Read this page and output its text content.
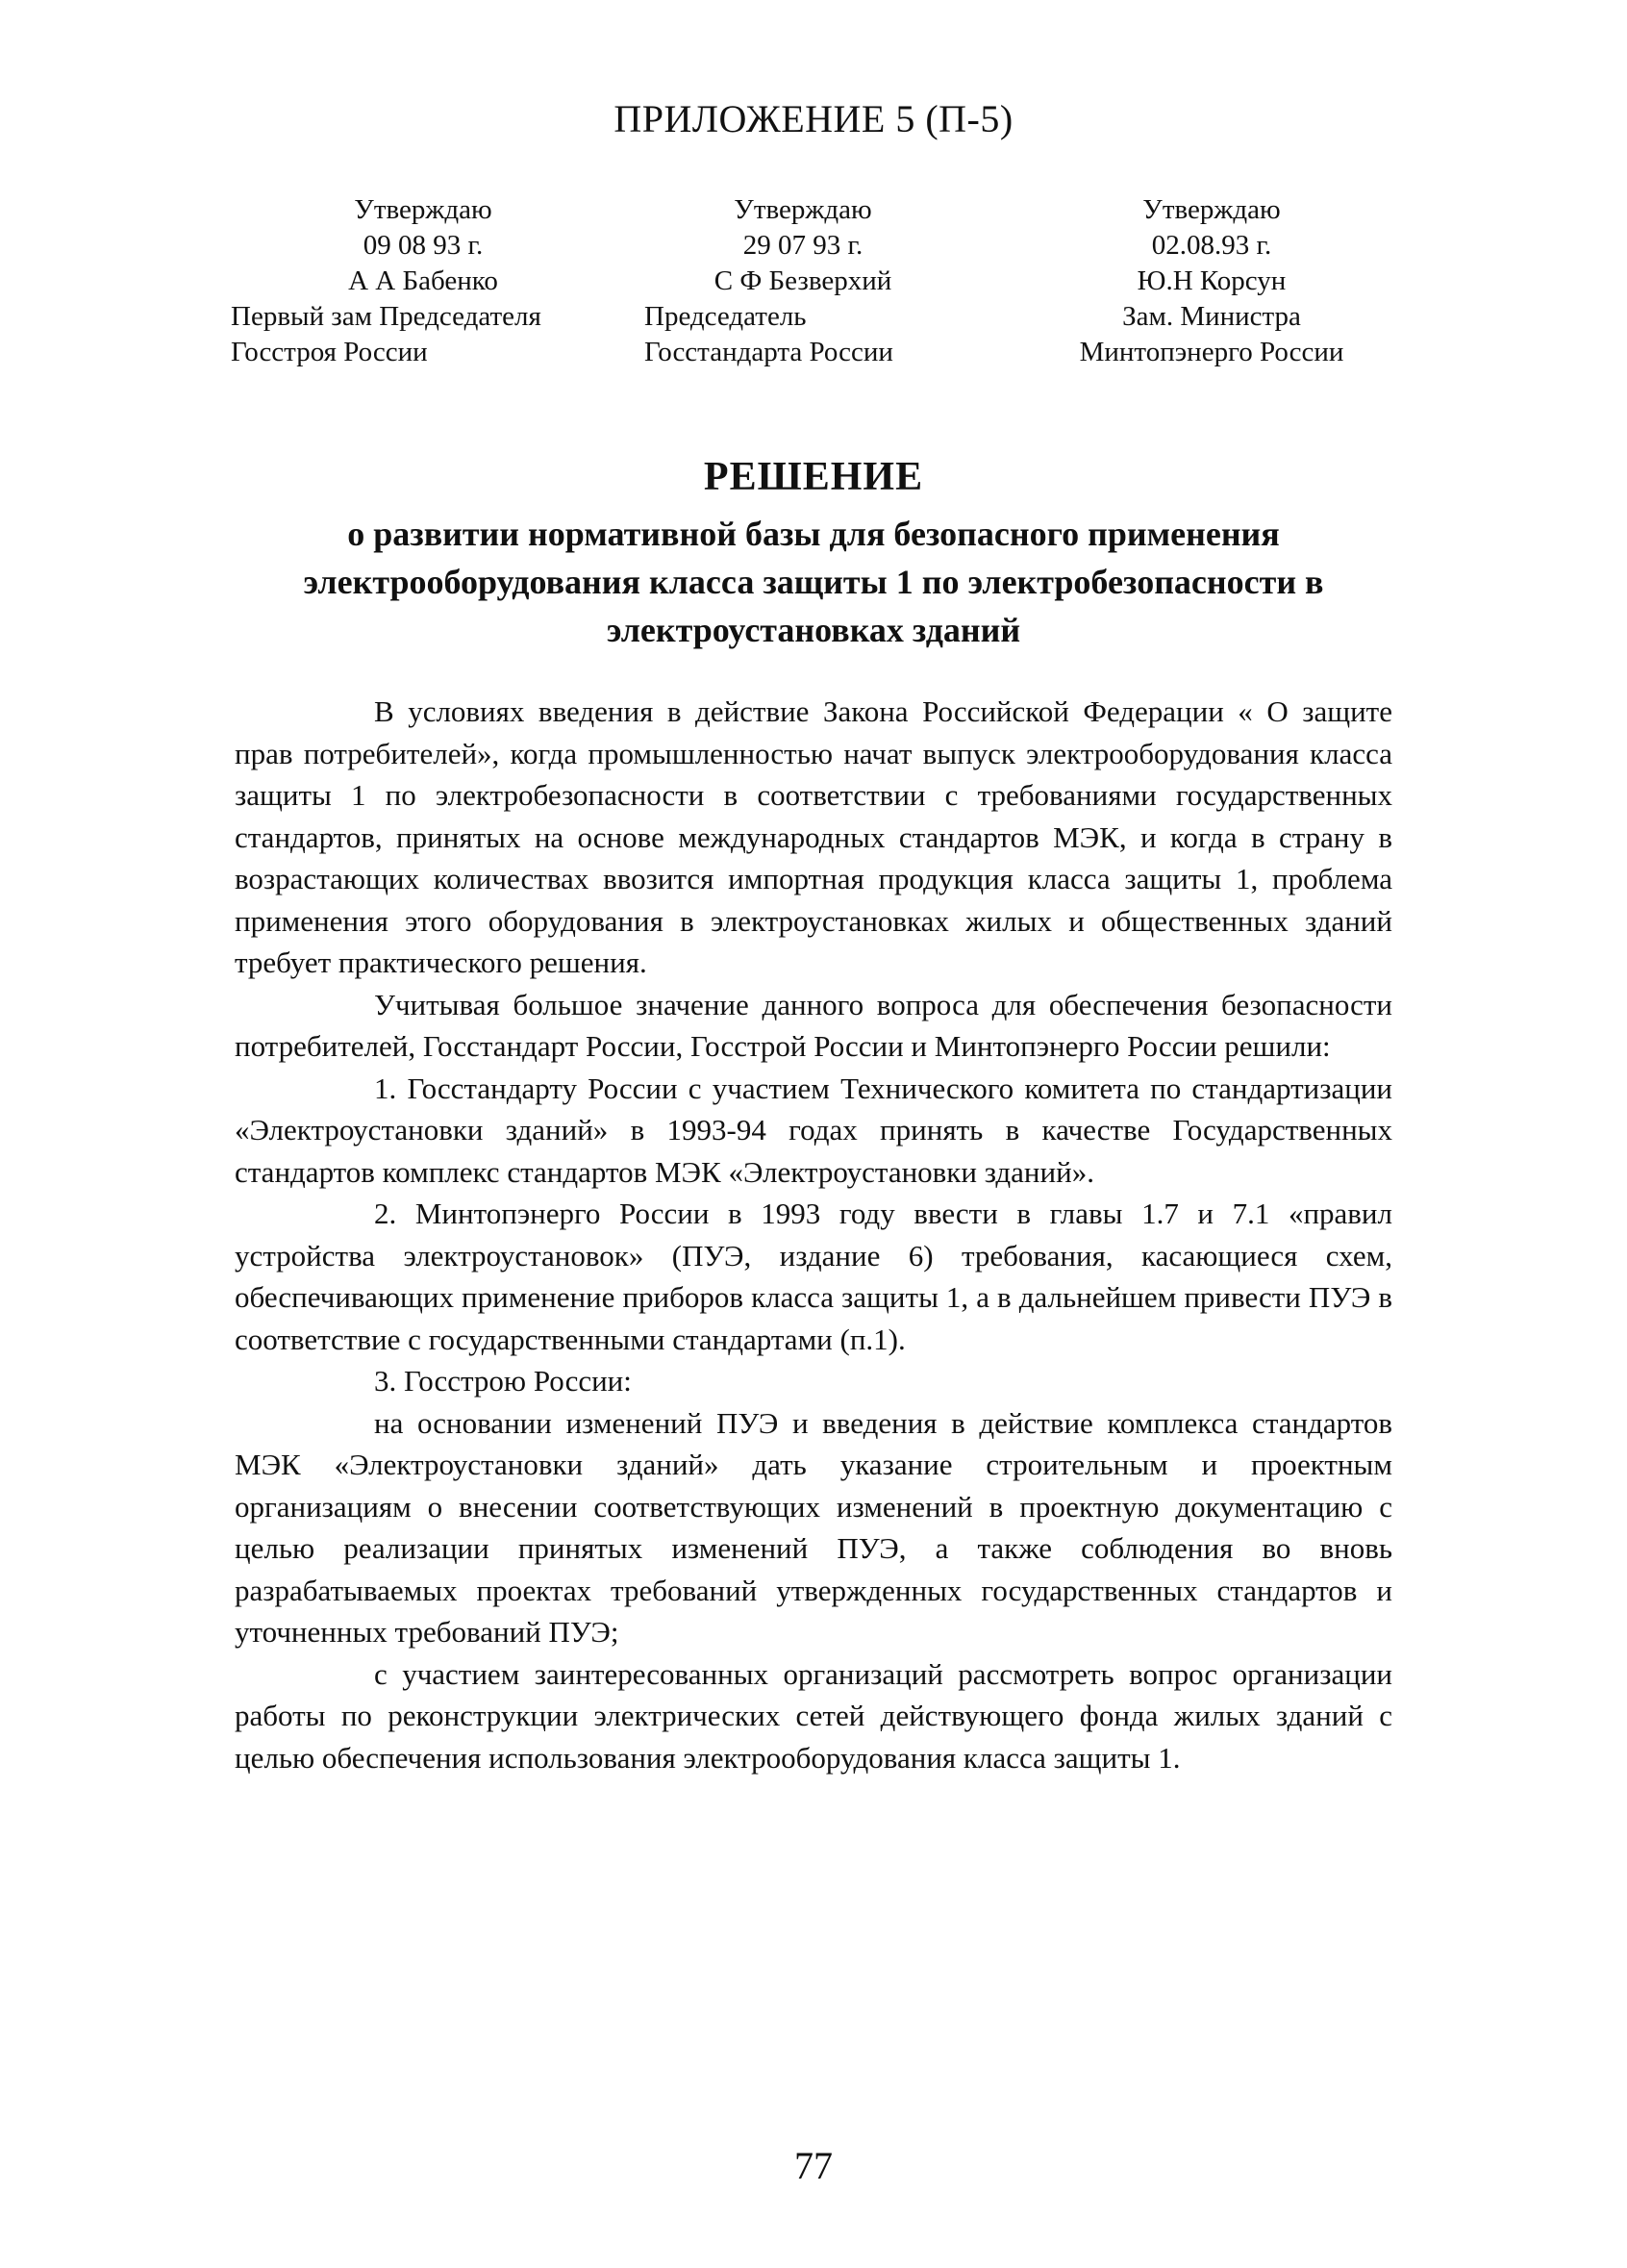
ПРИЛОЖЕНИЕ 5 (П-5)
Утверждаю
09 08 93 г.
А А Бабенко
Первый зам Председателя
Госстроя России
Утверждаю
29 07 93 г.
С Ф Безверхий
Председатель
Госстандарта России
Утверждаю
02.08.93 г.
Ю.Н Корсун
Зам. Министра
Минтопэнерго России
РЕШЕНИЕ
о развитии нормативной базы для безопасного применения электрооборудования класса защиты 1 по электробезопасности в электроустановках зданий

В условиях введения в действие Закона Российской Федерации « О защите прав потребителей», когда промышленностью начат выпуск электрооборудования класса защиты 1 по электробезопасности в соответствии с требованиями государственных стандартов, принятых на основе международных стандартов МЭК, и когда в страну в возрастающих количествах ввозится импортная продукция класса защиты 1, проблема применения этого оборудования в электроустановках жилых и общественных зданий требует практического решения.

Учитывая большое значение данного вопроса для обеспечения безопасности потребителей, Госстандарт России, Госстрой России и Минтопэнерго России решили:

1. Госстандарту России с участием Технического комитета по стандартизации «Электроустановки зданий» в 1993-94 годах принять в качестве Государственных стандартов комплекс стандартов МЭК «Электроустановки зданий».

2. Минтопэнерго России в 1993 году ввести в главы 1.7 и 7.1 «правил устройства электроустановок» (ПУЭ, издание 6) требования, касающиеся схем, обеспечивающих применение приборов класса защиты 1, а в дальнейшем привести ПУЭ в соответствие с государственными стандартами (п.1).

3. Госстрою России:

на основании изменений ПУЭ и введения в действие комплекса стандартов МЭК «Электроустановки зданий» дать указание строительным и проектным организациям о внесении соответствующих изменений в проектную документацию с целью реализации принятых изменений ПУЭ, а также соблюдения во вновь разрабатываемых проектах требований утвержденных государственных стандартов и уточненных требований ПУЭ;

с участием заинтересованных организаций рассмотреть вопрос организации работы по реконструкции электрических сетей действующего фонда жилых зданий с целью обеспечения использования электрооборудования класса защиты 1.

77
